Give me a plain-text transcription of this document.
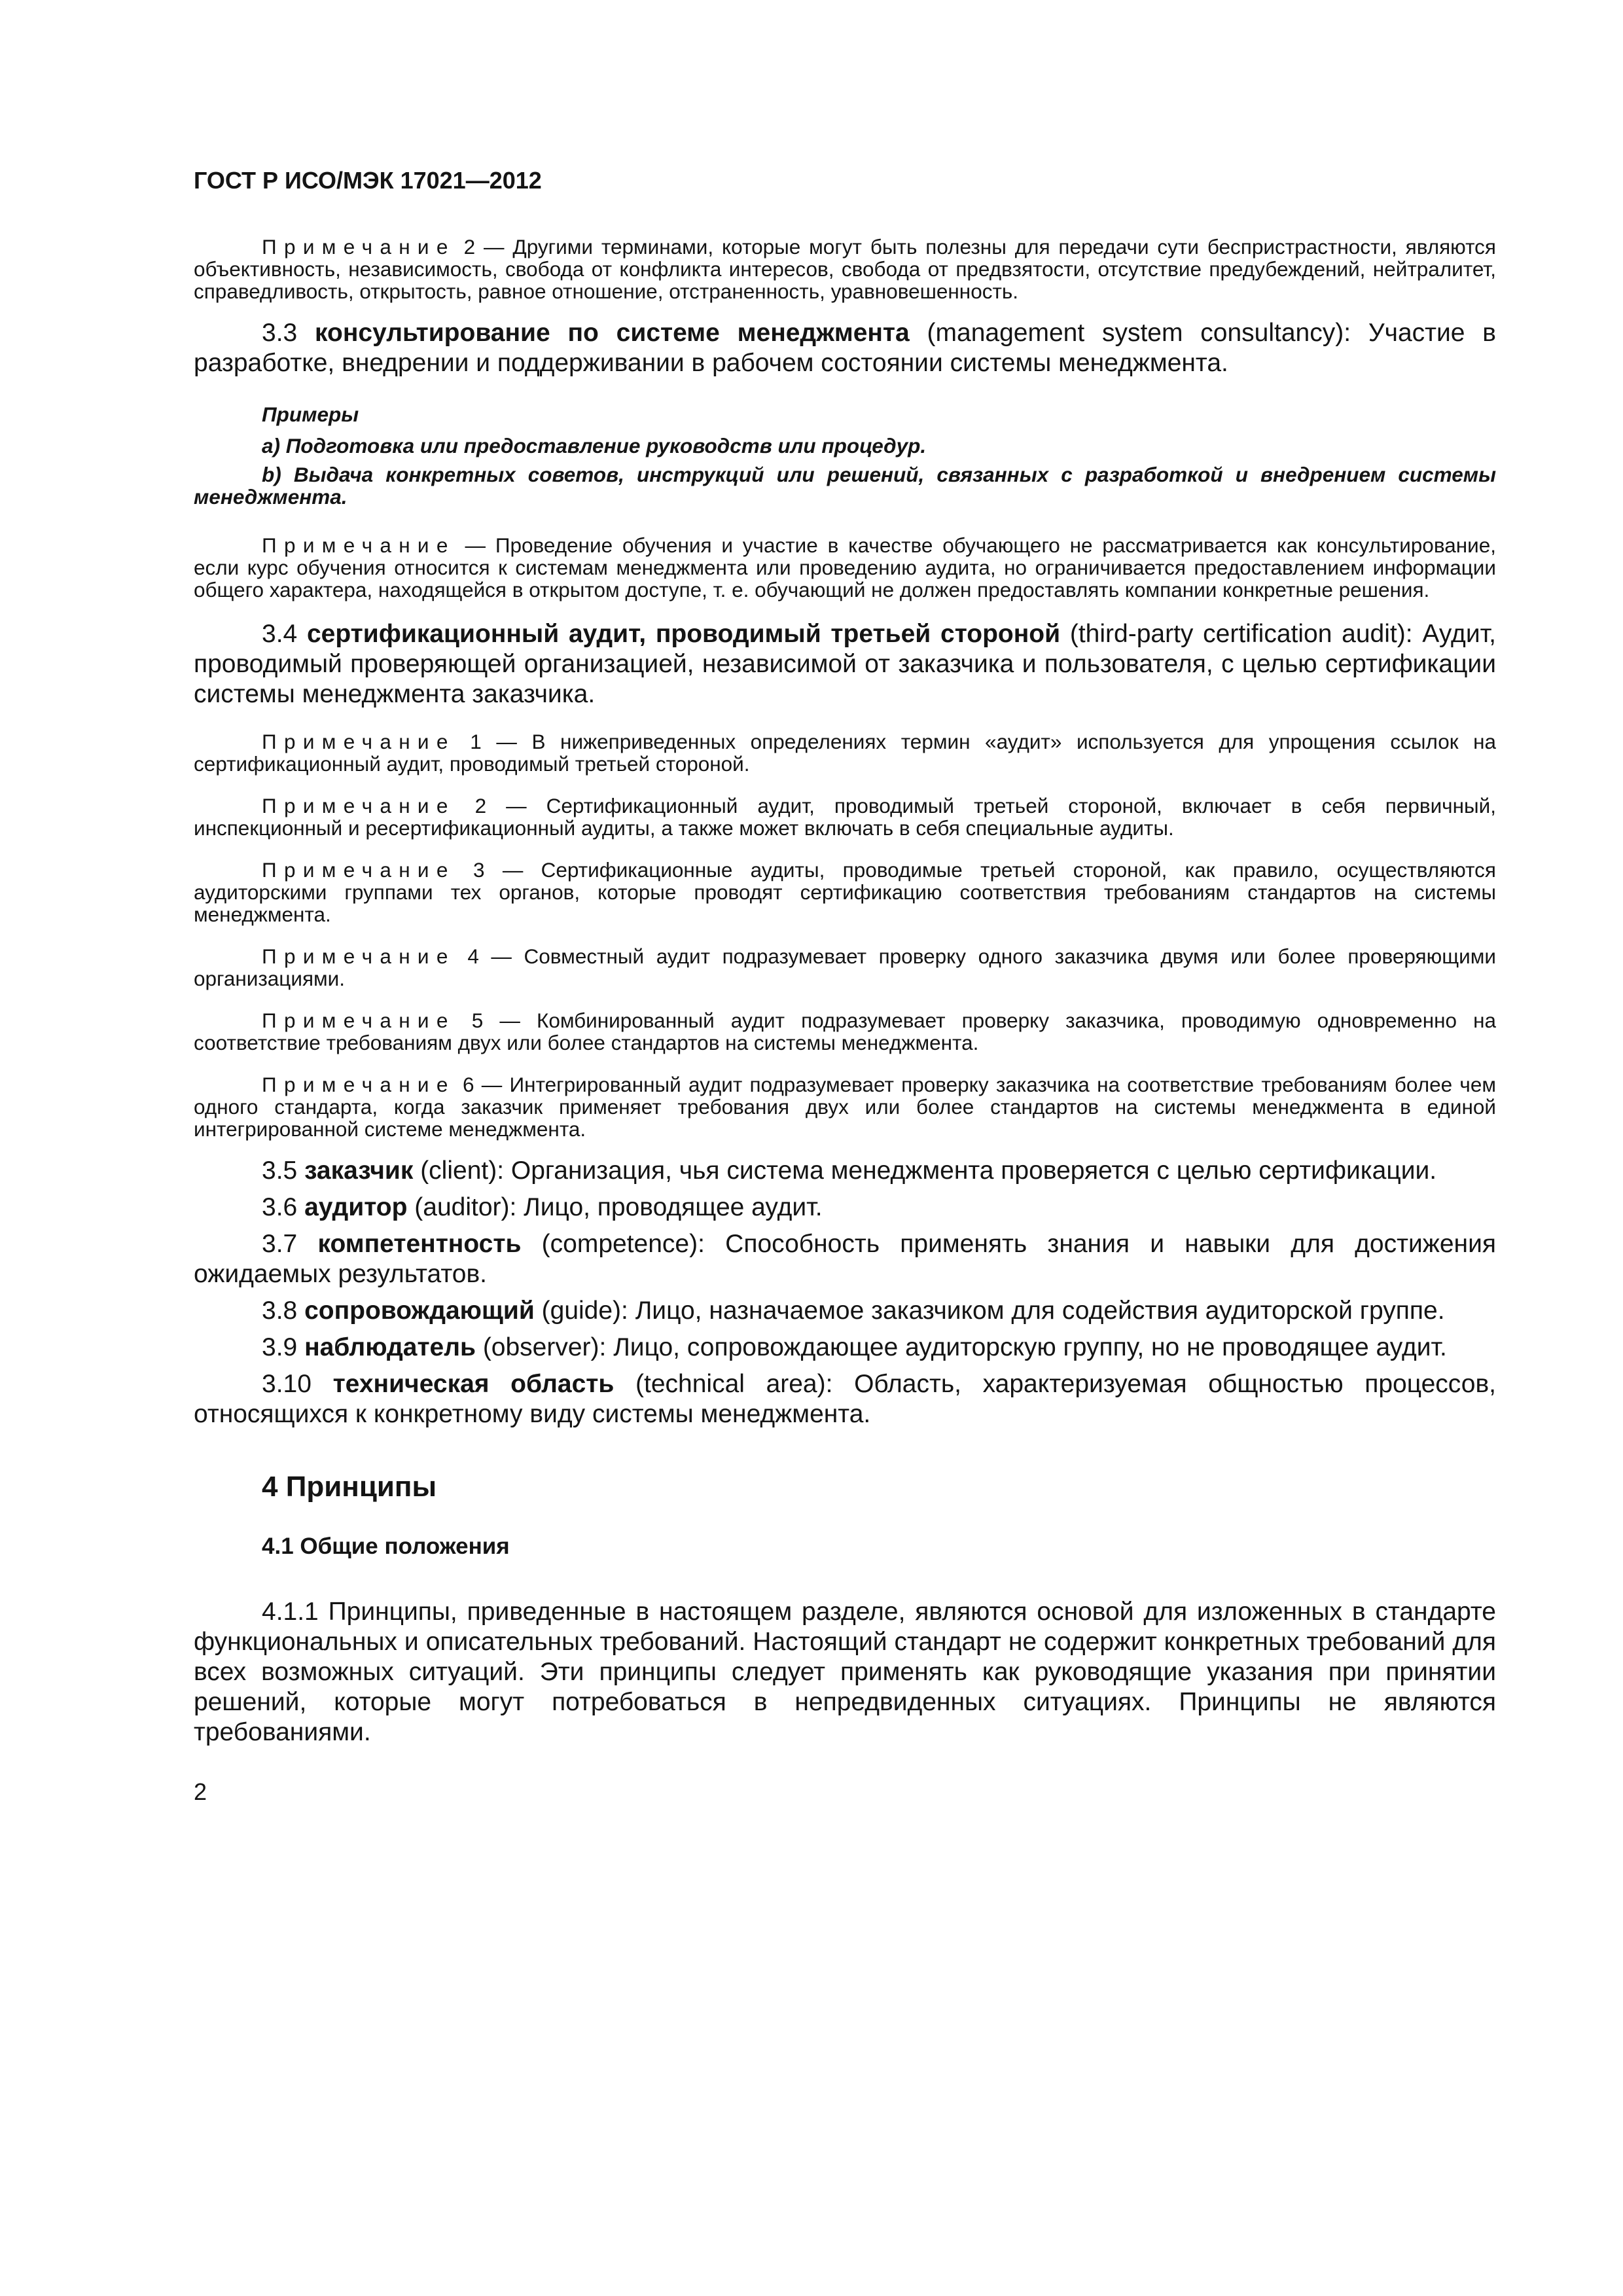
ГОСТ Р ИСО/МЭК 17021—2012

Примечание 2 — Другими терминами, которые могут быть полезны для передачи сути беспристрастности, являются объективность, независимость, свобода от конфликта интересов, свобода от предвзятости, отсутствие предубеждений, нейтралитет, справедливость, открытость, равное отношение, отстраненность, уравновешенность.

3.3 консультирование по системе менеджмента (management system consultancy): Участие в разработке, внедрении и поддерживании в рабочем состоянии системы менеджмента.

Примеры

a) Подготовка или предоставление руководств или процедур.

b) Выдача конкретных советов, инструкций или решений, связанных с разработкой и внедрением системы менеджмента.

Примечание — Проведение обучения и участие в качестве обучающего не рассматривается как консультирование, если курс обучения относится к системам менеджмента или проведению аудита, но ограничивается предоставлением информации общего характера, находящейся в открытом доступе, т. е. обучающий не должен предоставлять компании конкретные решения.

3.4 сертификационный аудит, проводимый третьей стороной (third-party certification audit): Аудит, проводимый проверяющей организацией, независимой от заказчика и пользователя, с целью сертификации системы менеджмента заказчика.

Примечание 1 — В нижеприведенных определениях термин «аудит» используется для упрощения ссылок на сертификационный аудит, проводимый третьей стороной.

Примечание 2 — Сертификационный аудит, проводимый третьей стороной, включает в себя первичный, инспекционный и ресертификационный аудиты, а также может включать в себя специальные аудиты.

Примечание 3 — Сертификационные аудиты, проводимые третьей стороной, как правило, осуществляются аудиторскими группами тех органов, которые проводят сертификацию соответствия требованиям стандартов на системы менеджмента.

Примечание 4 — Совместный аудит подразумевает проверку одного заказчика двумя или более проверяющими организациями.

Примечание 5 — Комбинированный аудит подразумевает проверку заказчика, проводимую одновременно на соответствие требованиям двух или более стандартов на системы менеджмента.

Примечание 6 — Интегрированный аудит подразумевает проверку заказчика на соответствие требованиям более чем одного стандарта, когда заказчик применяет требования двух или более стандартов на системы менеджмента в единой интегрированной системе менеджмента.

3.5 заказчик (client): Организация, чья система менеджмента проверяется с целью сертификации.

3.6 аудитор (auditor): Лицо, проводящее аудит.

3.7 компетентность (competence): Способность применять знания и навыки для достижения ожидаемых результатов.

3.8 сопровождающий (guide): Лицо, назначаемое заказчиком для содействия аудиторской группе.

3.9 наблюдатель (observer): Лицо, сопровождающее аудиторскую группу, но не проводящее аудит.

3.10 техническая область (technical area): Область, характеризуемая общностью процессов, относящихся к конкретному виду системы менеджмента.

4 Принципы
4.1 Общие положения

4.1.1 Принципы, приведенные в настоящем разделе, являются основой для изложенных в стандарте функциональных и описательных требований. Настоящий стандарт не содержит конкретных требований для всех возможных ситуаций. Эти принципы следует применять как руководящие указания при принятии решений, которые могут потребоваться в непредвиденных ситуациях. Принципы не являются требованиями.

2
